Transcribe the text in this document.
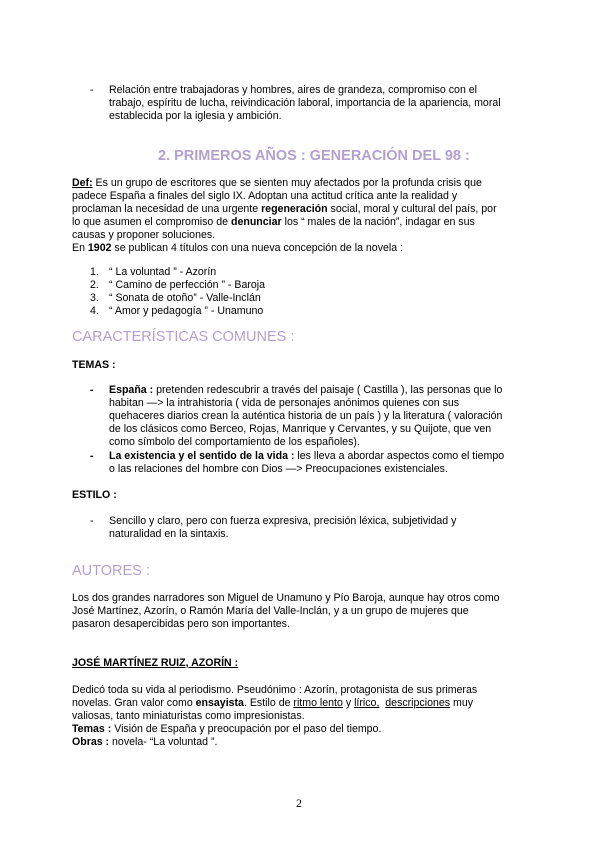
- Relación entre trabajadoras y hombres, aires de grandeza, compromiso con el
trabajo, espíritu de lucha, reivindicación laboral, importancia de la apariencia, moral
establecida por la iglesia y ambición.
2. PRIMEROS AÑOS : GENERACIÓN DEL 98 :
Def: Es un grupo de escritores que se sienten muy afectados por la profunda crisis que
padece España a finales del siglo IX. Adoptan una actitud crítica ante la realidad y
proclaman la necesidad de una urgente regeneración social, moral y cultural del país, por
lo que asumen el compromiso de denunciar los “ males de la nación”, indagar en sus
causas y proponer soluciones.
En 1902 se publican 4 títulos con una nueva concepción de la novela :
1. “ La voluntad ” - Azorín
2. “ Camino de perfección ” - Baroja
3. “ Sonata de otoño” - Valle-Inclán
4. “ Amor y pedagogía ” - Unamuno
CARACTERÍSTICAS COMUNES :
TEMAS :
- España : pretenden redescubrir a través del paisaje ( Castilla ), las personas que lo
habitan —> la intrahistoria ( vida de personajes anónimos quienes con sus
quehaceres diarios crean la auténtica historia de un país ) y la literatura ( valoración
de los clásicos como Berceo, Rojas, Manrique y Cervantes, y su Quijote, que ven
como símbolo del comportamiento de los españoles).
- La existencia y el sentido de la vida : les lleva a abordar aspectos como el tiempo
o las relaciones del hombre con Dios —> Preocupaciones existenciales.
ESTILO :
- Sencillo y claro, pero con fuerza expresiva, precisión léxica, subjetividad y
naturalidad en la sintaxis.
AUTORES :
Los dos grandes narradores son Miguel de Unamuno y Pío Baroja, aunque hay otros como
José Martínez, Azorín, o Ramón María del Valle-Inclán, y a un grupo de mujeres que
pasaron desapercibidas pero son importantes.
JOSÉ MARTÍNEZ RUIZ, AZORÍN :
Dedicó toda su vida al periodismo. Pseudónimo : Azorín, protagonista de sus primeras
novelas. Gran valor como ensayista. Estilo de ritmo lento y lírico, descripciones muy
valiosas, tanto miniaturistas como impresionistas.
Temas : Visión de España y preocupación por el paso del tiempo.
Obras : novela- “La voluntad ”.
2
